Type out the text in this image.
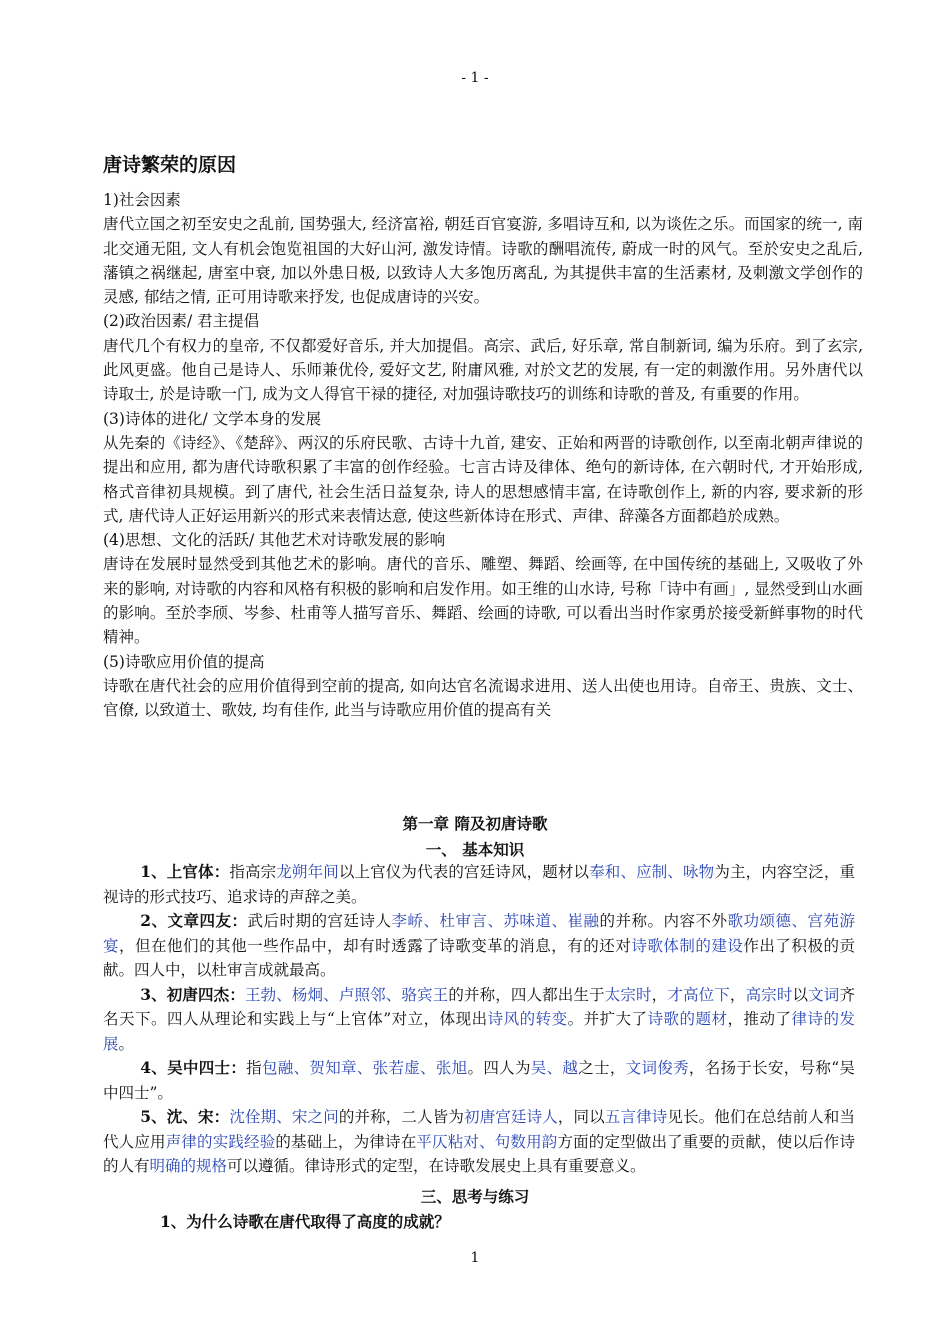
- 1 -
唐诗繁荣的原因
1)社会因素
唐代立国之初至安史之乱前, 国势强大, 经济富裕, 朝廷百官宴游, 多唱诗互和, 以为谈佐之乐。而国家的统一, 南北交通无阻, 文人有机会饱览祖国的大好山河, 激发诗情。诗歌的酬唱流传, 蔚成一时的风气。至於安史之乱后, 藩镇之祸继起, 唐室中衰, 加以外患日极, 以致诗人大多饱历离乱, 为其提供丰富的生活素材, 及刺激文学创作的灵感, 郁结之情, 正可用诗歌来抒发, 也促成唐诗的兴安。
(2)政治因素/ 君主提倡
唐代几个有权力的皇帝, 不仅都爱好音乐, 并大加提倡。高宗、武后, 好乐章, 常自制新词, 编为乐府。到了玄宗, 此风更盛。他自己是诗人、乐师兼优伶, 爱好文艺, 附庸风雅, 对於文艺的发展, 有一定的刺激作用。另外唐代以诗取士, 於是诗歌一门, 成为文人得官干禄的捷径, 对加强诗歌技巧的训练和诗歌的普及, 有重要的作用。
(3)诗体的进化/ 文学本身的发展
从先秦的《诗经》、《楚辞》、两汉的乐府民歌、古诗十九首, 建安、正始和两晋的诗歌创作, 以至南北朝声律说的提出和应用, 都为唐代诗歌积累了丰富的创作经验。七言古诗及律体、绝句的新诗体, 在六朝时代, 才开始形成, 格式音律初具规模。到了唐代, 社会生活日益复杂, 诗人的思想感情丰富, 在诗歌创作上, 新的内容, 要求新的形式, 唐代诗人正好运用新兴的形式来表情达意, 使这些新体诗在形式、声律、辞藻各方面都趋於成熟。
(4)思想、文化的活跃/ 其他艺术对诗歌发展的影响
唐诗在发展时显然受到其他艺术的影响。唐代的音乐、雕塑、舞蹈、绘画等, 在中国传统的基础上, 又吸收了外来的影响, 对诗歌的内容和风格有积极的影响和启发作用。如王维的山水诗, 号称「诗中有画」, 显然受到山水画的影响。至於李颀、岑参、杜甫等人描写音乐、舞蹈、绘画的诗歌, 可以看出当时作家勇於接受新鲜事物的时代精神。
(5)诗歌应用价值的提高
诗歌在唐代社会的应用价值得到空前的提高, 如向达官名流谒求进用、送人出使也用诗。自帝王、贵族、文士、官僚, 以致道士、歌妓, 均有佳作, 此当与诗歌应用价值的提高有关
第一章 隋及初唐诗歌
一、 基本知识

1、上官体：指高宗龙朔年间以上官仪为代表的宫廷诗风，题材以奉和、应制、咏物为主，内容空泛，重视诗的形式技巧、追求诗的声辞之美。

2、文章四友：武后时期的宫廷诗人李峤、杜审言、苏味道、崔融的并称。内容不外歌功颂德、宫苑游宴，但在他们的其他一些作品中，却有时透露了诗歌变革的消息，有的还对诗歌体制的建设作出了积极的贡献。四人中，以杜审言成就最高。

3、初唐四杰：王勃、杨炯、卢照邻、骆宾王的并称，四人都出生于太宗时，才高位下，高宗时以文词齐名天下。四人从理论和实践上与“上官体”对立，体现出诗风的转变。并扩大了诗歌的题材，推动了律诗的发展。

4、吴中四士：指包融、贺知章、张若虚、张旭。四人为吴、越之士，文词俊秀，名扬于长安，号称“吴中四士”。

5、沈、宋：沈佺期、宋之问的并称，二人皆为初唐宫廷诗人，同以五言律诗见长。他们在总结前人和当代人应用声律的实践经验的基础上，为律诗在平仄粘对、句数用韵方面的定型做出了重要的贡献，使以后作诗的人有明确的规格可以遵循。律诗形式的定型，在诗歌发展史上具有重要意义。

三、思考与练习
1、为什么诗歌在唐代取得了高度的成就？
1
